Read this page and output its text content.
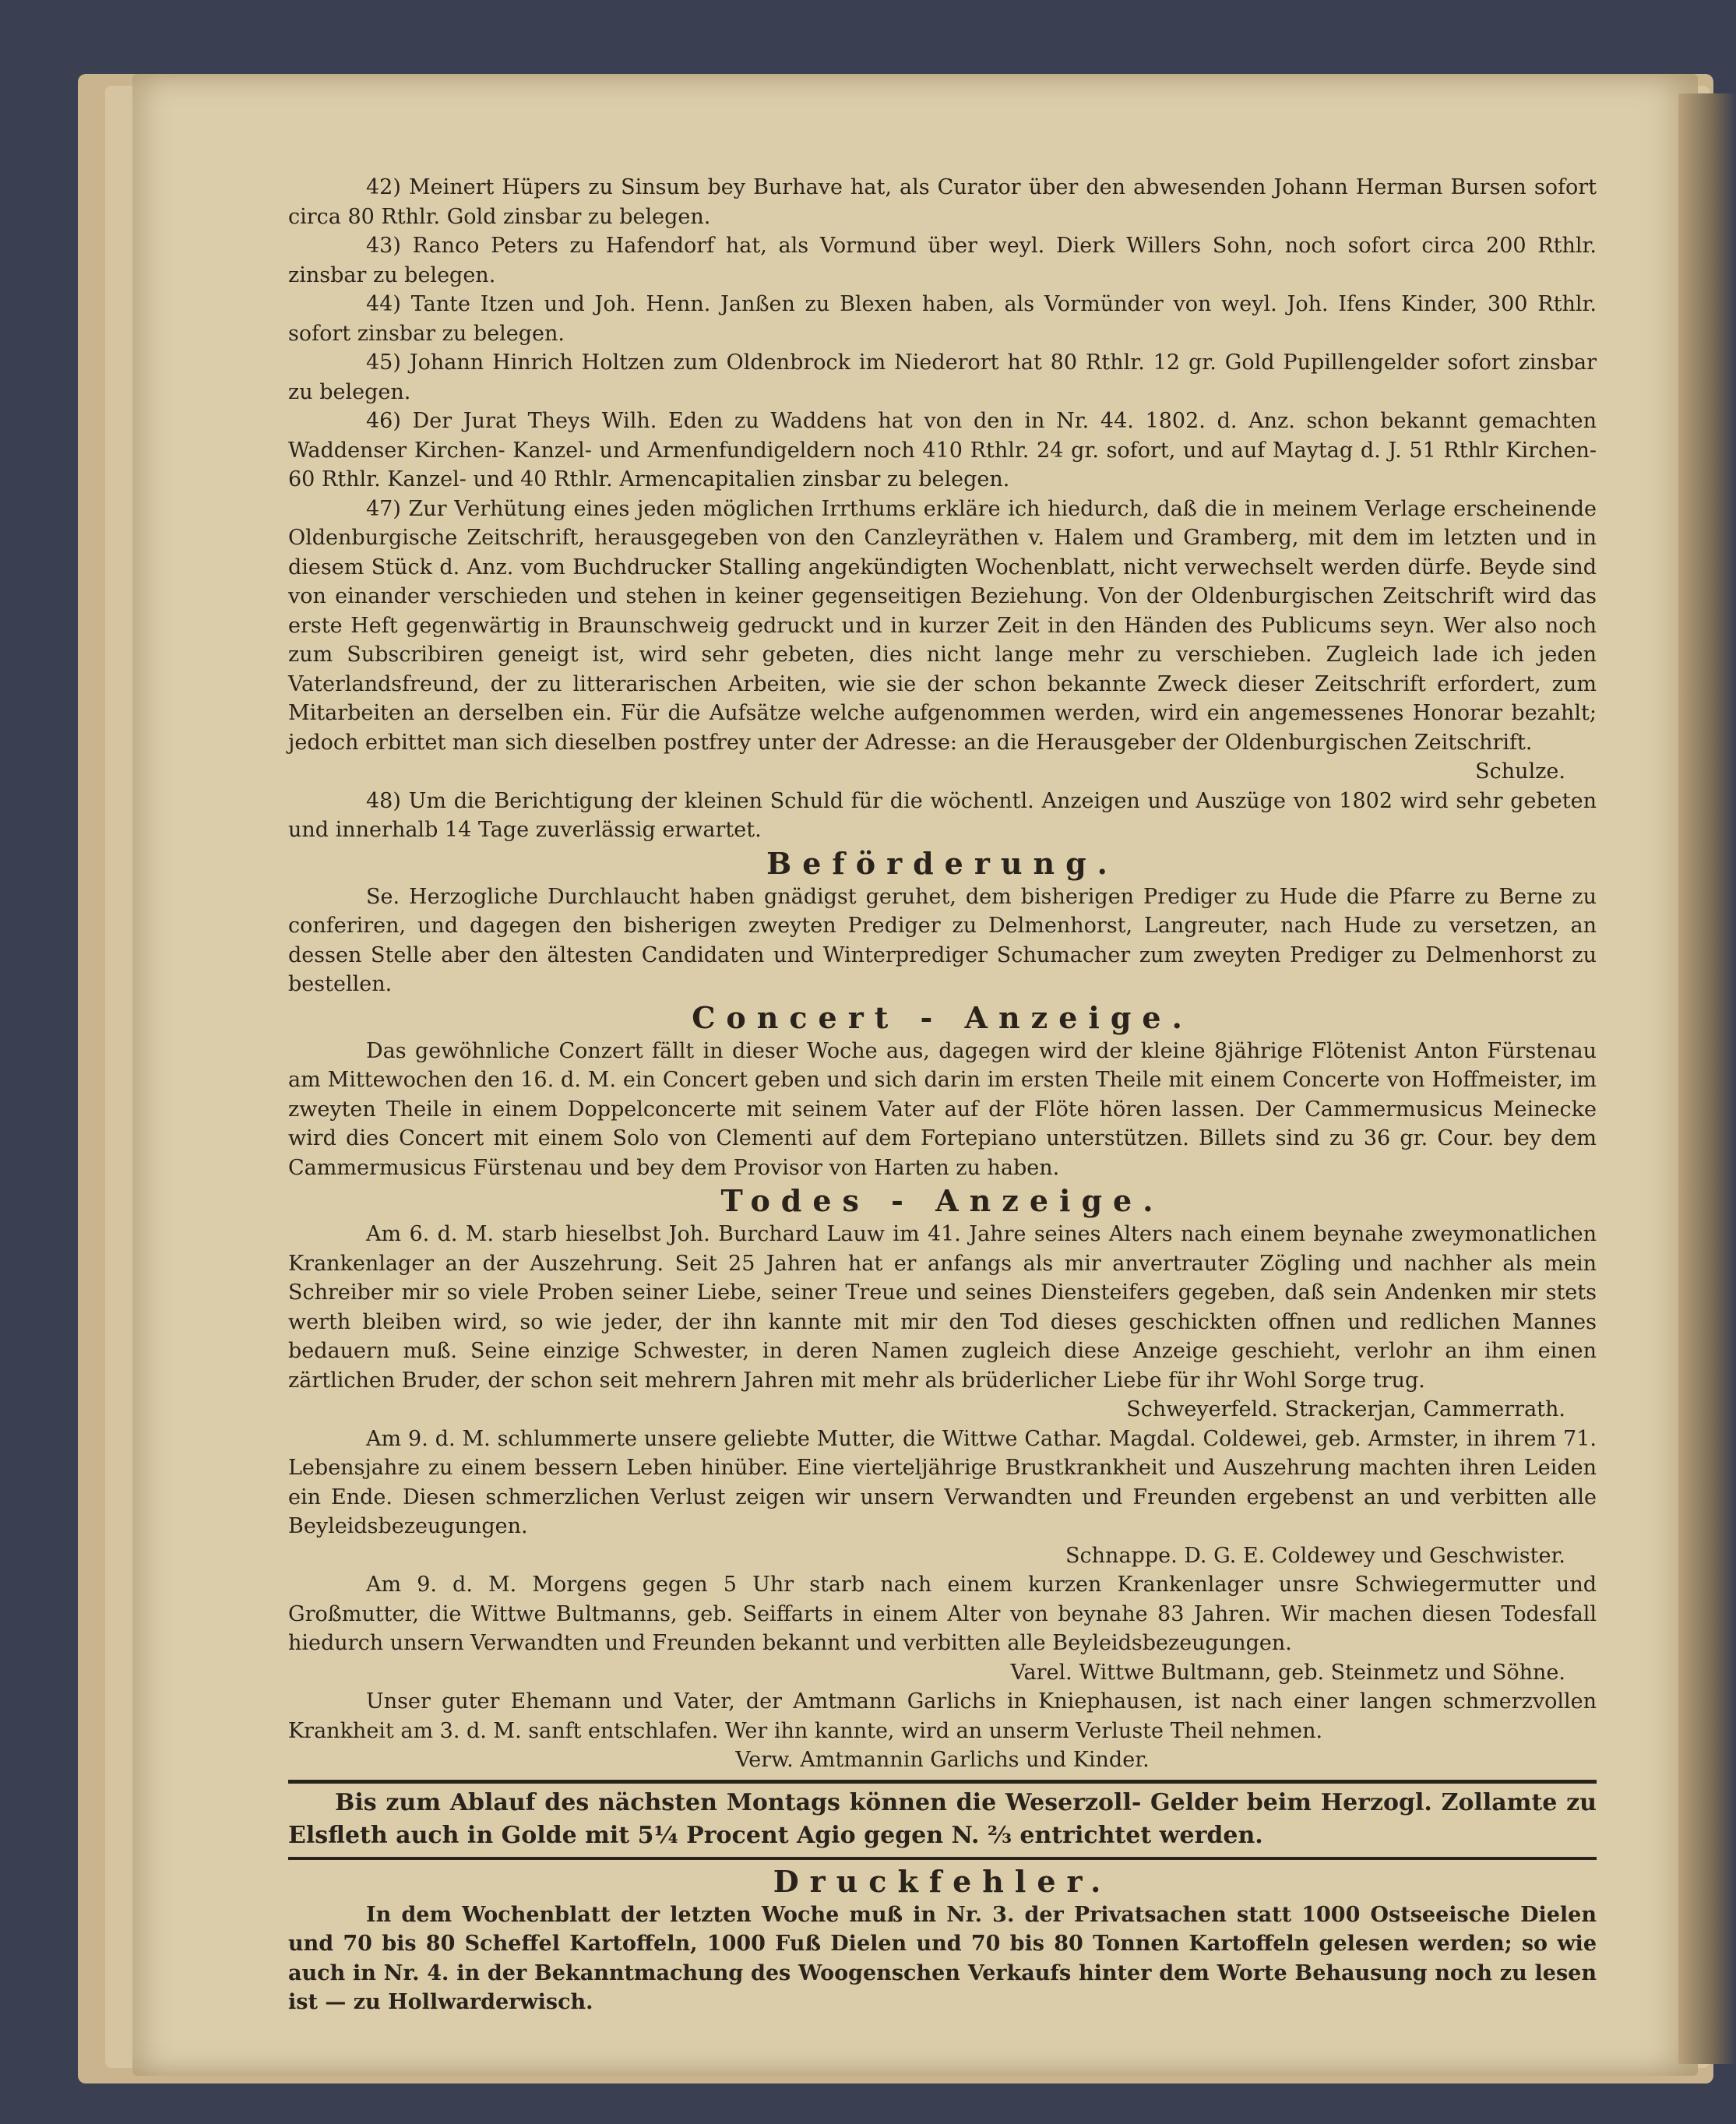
42) Meinert Hüpers zu Sinsum bey Burhave hat, als Curator über den abwesenden Johann Herman Bursen sofort circa 80 Rthlr. Gold zinsbar zu belegen.

43) Ranco Peters zu Hafendorf hat, als Vormund über weyl. Dierk Willers Sohn, noch sofort circa 200 Rthlr. zinsbar zu belegen.

44) Tante Itzen und Joh. Henn. Janßen zu Blexen haben, als Vormünder von weyl. Joh. Ifens Kinder, 300 Rthlr. sofort zinsbar zu belegen.

45) Johann Hinrich Holtzen zum Oldenbrock im Niederort hat 80 Rthlr. 12 gr. Gold Pupillengelder sofort zinsbar zu belegen.

46) Der Jurat Theys Wilh. Eden zu Waddens hat von den in Nr. 44. 1802. d. Anz. schon bekannt gemachten Waddenser Kirchen- Kanzel- und Armenfundigeldern noch 410 Rthlr. 24 gr. sofort, und auf Maytag d. J. 51 Rthlr Kirchen- 60 Rthlr. Kanzel- und 40 Rthlr. Armencapitalien zinsbar zu belegen.

47) Zur Verhütung eines jeden möglichen Irrthums erkläre ich hiedurch, daß die in meinem Verlage erscheinende Oldenburgische Zeitschrift, herausgegeben von den Canzleyräthen v. Halem und Gramberg, mit dem im letzten und in diesem Stück d. Anz. vom Buchdrucker Stalling angekündigten Wochenblatt, nicht verwechselt werden dürfe. Beyde sind von einander verschieden und stehen in keiner gegenseitigen Beziehung. Von der Oldenburgischen Zeitschrift wird das erste Heft gegenwärtig in Braunschweig gedruckt und in kurzer Zeit in den Händen des Publicums seyn. Wer also noch zum Subscribiren geneigt ist, wird sehr gebeten, dies nicht lange mehr zu verschieben. Zugleich lade ich jeden Vaterlandsfreund, der zu litterarischen Arbeiten, wie sie der schon bekannte Zweck dieser Zeitschrift erfordert, zum Mitarbeiten an derselben ein. Für die Aufsätze welche aufgenommen werden, wird ein angemessenes Honorar bezahlt; jedoch erbittet man sich dieselben postfrey unter der Adresse: an die Herausgeber der Oldenburgischen Zeitschrift.

Schulze.

48) Um die Berichtigung der kleinen Schuld für die wöchentl. Anzeigen und Auszüge von 1802 wird sehr gebeten und innerhalb 14 Tage zuverlässig erwartet.

Beförderung.

Se. Herzogliche Durchlaucht haben gnädigst geruhet, dem bisherigen Prediger zu Hude die Pfarre zu Berne zu conferiren, und dagegen den bisherigen zweyten Prediger zu Delmenhorst, Langreuter, nach Hude zu versetzen, an dessen Stelle aber den ältesten Candidaten und Winterprediger Schumacher zum zweyten Prediger zu Delmenhorst zu bestellen.

Concert - Anzeige.

Das gewöhnliche Conzert fällt in dieser Woche aus, dagegen wird der kleine 8jährige Flötenist Anton Fürstenau am Mittewochen den 16. d. M. ein Concert geben und sich darin im ersten Theile mit einem Concerte von Hoffmeister, im zweyten Theile in einem Doppelconcerte mit seinem Vater auf der Flöte hören lassen. Der Cammermusicus Meinecke wird dies Concert mit einem Solo von Clementi auf dem Fortepiano unterstützen. Billets sind zu 36 gr. Cour. bey dem Cammermusicus Fürstenau und bey dem Provisor von Harten zu haben.

Todes - Anzeige.

Am 6. d. M. starb hieselbst Joh. Burchard Lauw im 41. Jahre seines Alters nach einem beynahe zweymonatlichen Krankenlager an der Auszehrung. Seit 25 Jahren hat er anfangs als mir anvertrauter Zögling und nachher als mein Schreiber mir so viele Proben seiner Liebe, seiner Treue und seines Diensteifers gegeben, daß sein Andenken mir stets werth bleiben wird, so wie jeder, der ihn kannte mit mir den Tod dieses geschickten offnen und redlichen Mannes bedauern muß. Seine einzige Schwester, in deren Namen zugleich diese Anzeige geschieht, verlohr an ihm einen zärtlichen Bruder, der schon seit mehrern Jahren mit mehr als brüderlicher Liebe für ihr Wohl Sorge trug.

Schweyerfeld. Strackerjan, Cammerrath.

Am 9. d. M. schlummerte unsere geliebte Mutter, die Wittwe Cathar. Magdal. Coldewei, geb. Armster, in ihrem 71. Lebensjahre zu einem bessern Leben hinüber. Eine vierteljährige Brustkrankheit und Auszehrung machten ihren Leiden ein Ende. Diesen schmerzlichen Verlust zeigen wir unsern Verwandten und Freunden ergebenst an und verbitten alle Beyleidsbezeugungen.

Schnappe. D. G. E. Coldewey und Geschwister.

Am 9. d. M. Morgens gegen 5 Uhr starb nach einem kurzen Krankenlager unsre Schwiegermutter und Großmutter, die Wittwe Bultmanns, geb. Seiffarts in einem Alter von beynahe 83 Jahren. Wir machen diesen Todesfall hiedurch unsern Verwandten und Freunden bekannt und verbitten alle Beyleidsbezeugungen.

Varel. Wittwe Bultmann, geb. Steinmetz und Söhne.

Unser guter Ehemann und Vater, der Amtmann Garlichs in Kniephausen, ist nach einer langen schmerzvollen Krankheit am 3. d. M. sanft entschlafen. Wer ihn kannte, wird an unserm Verluste Theil nehmen.

Verw. Amtmannin Garlichs und Kinder.

Bis zum Ablauf des nächsten Montags können die Weserzoll- Gelder beim Herzogl. Zollamte zu Elsfleth auch in Golde mit 5¼ Procent Agio gegen N. ⅔ entrichtet werden.

Druckfehler.

In dem Wochenblatt der letzten Woche muß in Nr. 3. der Privatsachen statt 1000 Ostseeische Dielen und 70 bis 80 Scheffel Kartoffeln, 1000 Fuß Dielen und 70 bis 80 Tonnen Kartoffeln gelesen werden; so wie auch in Nr. 4. in der Bekanntmachung des Woogenschen Verkaufs hinter dem Worte Behausung noch zu lesen ist — zu Hollwarderwisch.
